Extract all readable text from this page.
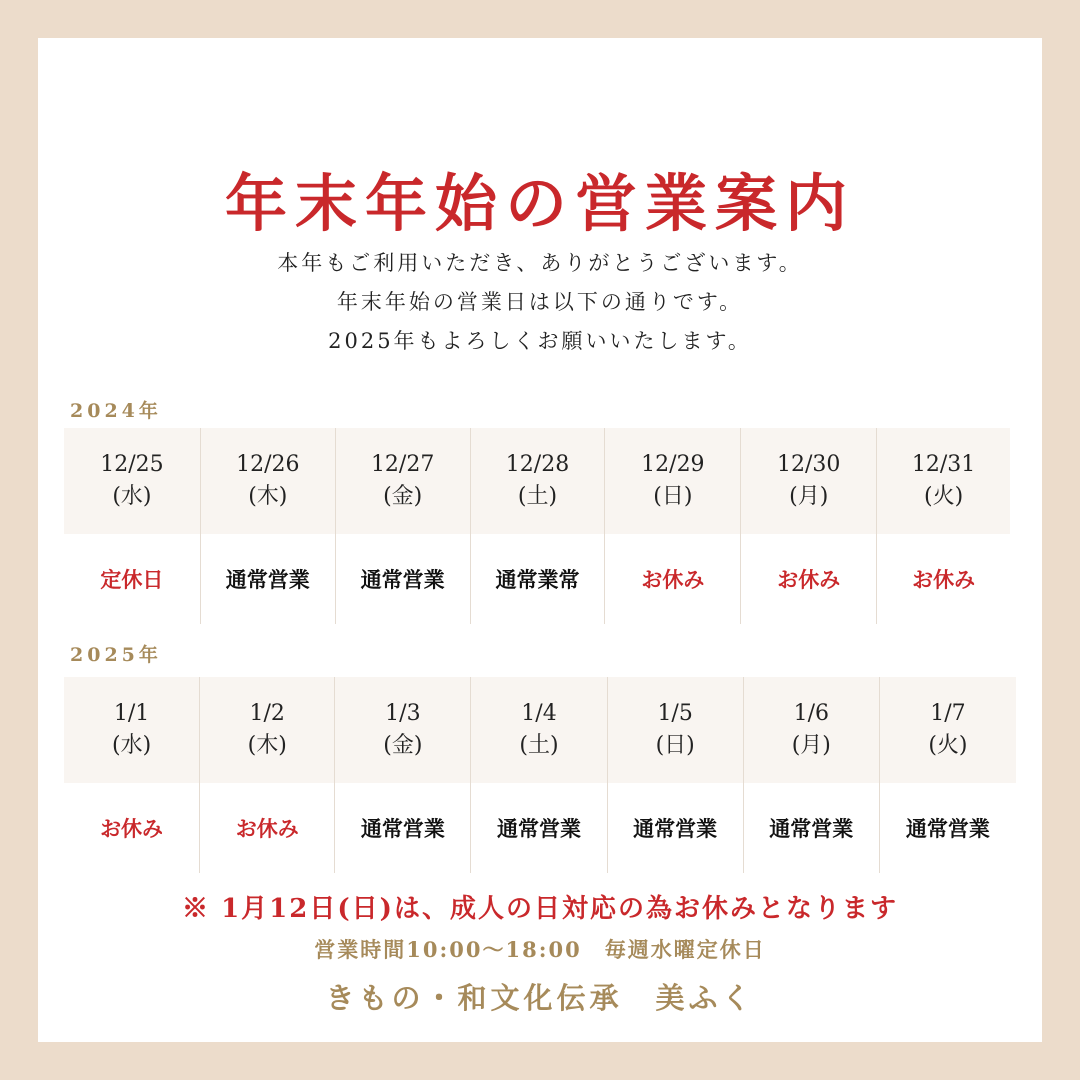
年末年始の営業案内
本年もご利用いただき、ありがとうございます。
年末年始の営業日は以下の通りです。
2025年もよろしくお願いいたします。
2024年
12/25
(水)
定休日
12/26
(木)
通常営業
12/27
(金)
通常営業
12/28
(土)
通常業常
12/29
(日)
お休み
12/30
(月)
お休み
12/31
(火)
お休み
2025年
1/1
(水)
お休み
1/2
(木)
お休み
1/3
(金)
通常営業
1/4
(土)
通常営業
1/5
(日)
通常営業
1/6
(月)
通常営業
1/7
(火)
通常営業
※ 1月12日(日)は、成人の日対応の為お休みとなります
営業時間10:00〜18:00　毎週水曜定休日
きもの・和文化伝承　美ふく
